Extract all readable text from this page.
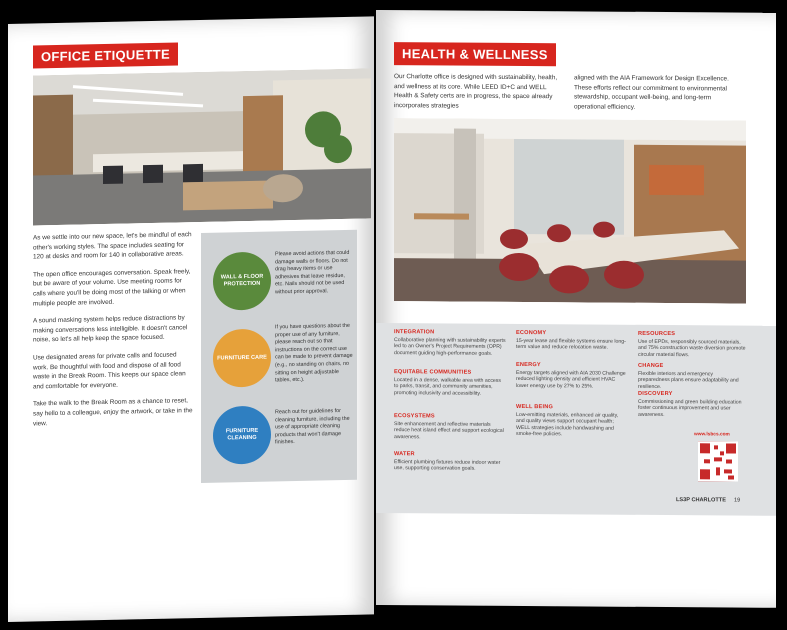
OFFICE ETIQUETTE

As we settle into our new space, let's be mindful of each other's working styles. The space includes seating for 120 at desks and room for 140 in collaborative areas.

The open office encourages conversation. Speak freely, but be aware of your volume. Use meeting rooms for calls where you'll be doing most of the talking or when multiple people are involved.

A sound masking system helps reduce distractions by making conversations less intelligible. It doesn't cancel noise, so let's all help keep the space focused.

Use designated areas for private calls and focused work. Be thoughtful with food and dispose of all food waste in the Break Room. This keeps our space clean and comfortable for everyone.

Take the walk to the Break Room as a chance to reset, say hello to a colleague, enjoy the artwork, or take in the view.

WALL & FLOOR PROTECTION
Please avoid actions that could damage walls or floors. Do not drag heavy items or use adhesives that leave residue, etc. Nails should not be used without prior approval.
FURNITURE CARE
If you have questions about the proper use of any furniture, please reach out so that instructions on the correct use can be made to prevent damage (e.g., no standing on chairs, no sitting on height adjustable tables, etc.).
FURNITURE CLEANING
Reach out for guidelines for cleaning furniture, including the use of appropriate cleaning products that won't damage finishes.
HEALTH & WELLNESS
Our Charlotte office is designed with sustainability, health, and wellness at its core. While LEED ID+C and WELL Health & Safety certs are in progress, the space already incorporates strategies
aligned with the AIA Framework for Design Excellence. These efforts reflect our commitment to environmental stewardship, occupant well-being, and long-term operational efficiency.
INTEGRATION
Collaborative planning with sustainability experts led to an Owner's Project Requirements (OPR) document guiding high-performance goals.
EQUITABLE COMMUNITIES
Located in a dense, walkable area with access to parks, transit, and community amenities, promoting inclusivity and accessibility.
ECOSYSTEMS
Site enhancement and reflective materials reduce heat island effect and support ecological awareness.
WATER
Efficient plumbing fixtures reduce indoor water use, supporting conservation goals.
ECONOMY
15-year lease and flexible systems ensure long-term value and reduce relocation waste.
ENERGY
Energy targets aligned with AIA 2030 Challenge reduced lighting density and efficient HVAC lower energy use by 27% to 25%.
WELL BEING
Low-emitting materials, enhanced air quality, and quality views support occupant health; WELL strategies include handwashing and smoke-free policies.
RESOURCES
Use of EPDs, responsibly sourced materials, and 75% construction waste diversion promote circular material flows.
CHANGE
Flexible interiors and emergency preparedness plans ensure adaptability and resilience.
DISCOVERY
Commissioning and green building education foster continuous improvement and user awareness.
www.lsbcs.com
LS3P CHARLOTTE 19
